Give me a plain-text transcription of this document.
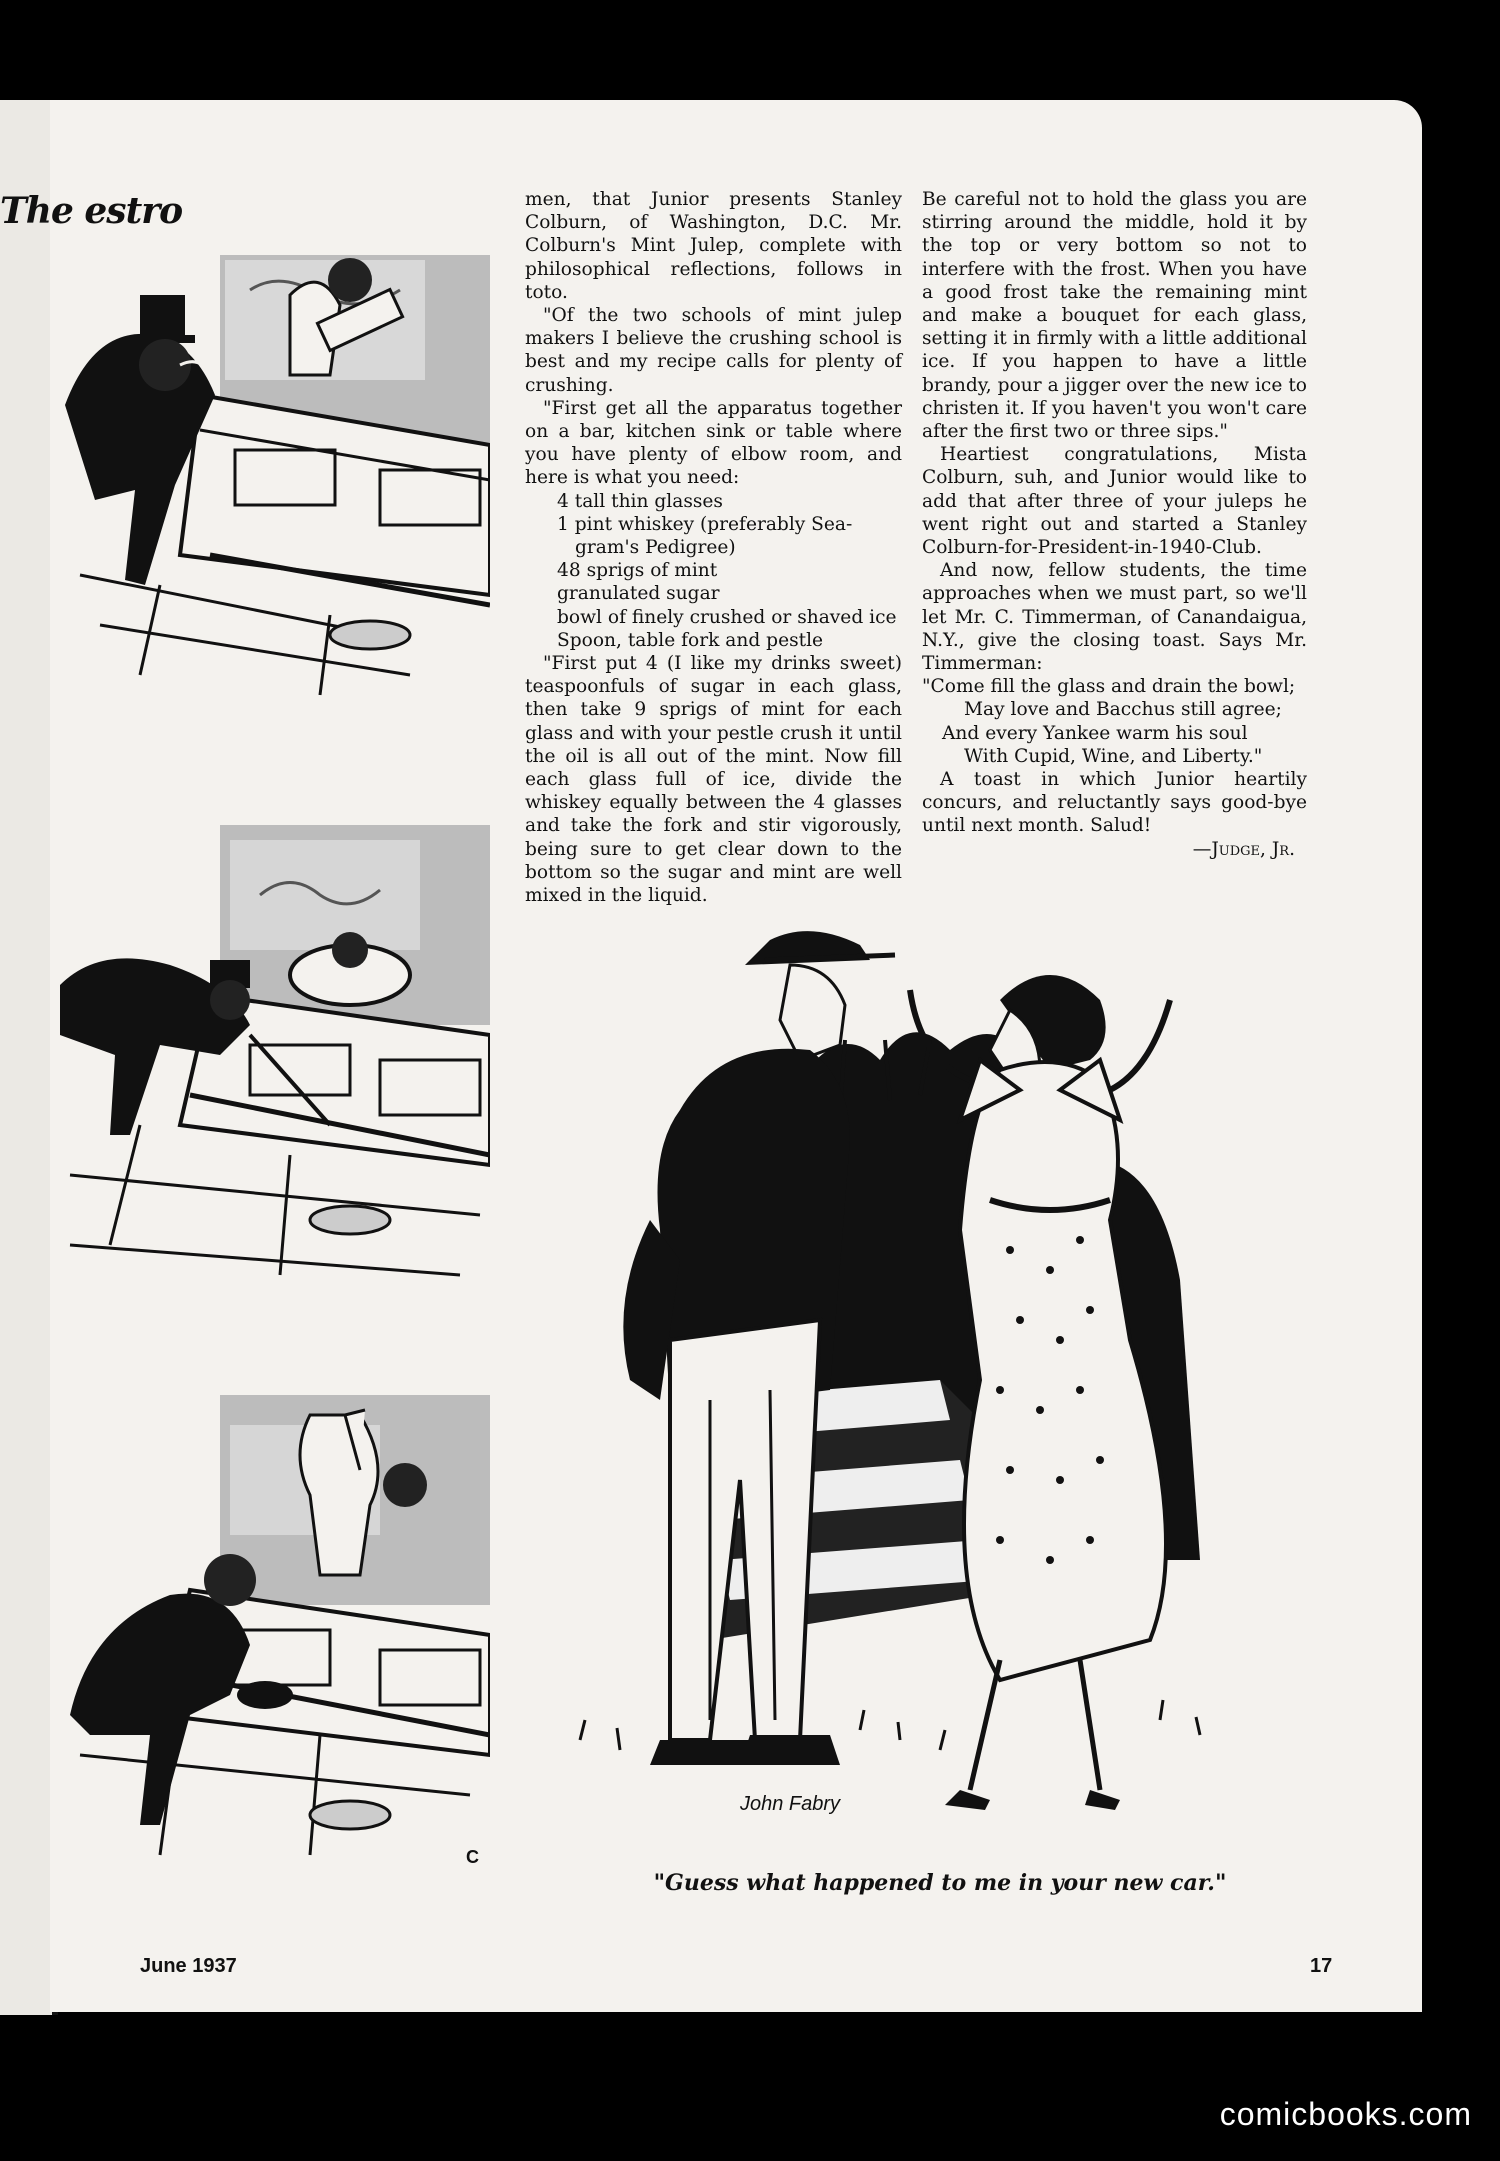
The estro
C

men, that Junior presents Stanley Colburn, of Washington, D.C. Mr. Colburn's Mint Julep, complete with philosophical reflections, follows in toto.

"Of the two schools of mint julep makers I believe the crushing school is best and my recipe calls for plenty of crushing.

"First get all the apparatus together on a bar, kitchen sink or table where you have plenty of elbow room, and here is what you need:

4 tall thin glasses
1 pint whiskey (preferably Sea-
gram's Pedigree)
48 sprigs of mint
granulated sugar
bowl of finely crushed or shaved ice
Spoon, table fork and pestle

"First put 4 (I like my drinks sweet) teaspoonfuls of sugar in each glass, then take 9 sprigs of mint for each glass and with your pestle crush it until the oil is all out of the mint. Now fill each glass full of ice, divide the whiskey equally between the 4 glasses and take the fork and stir vigorously, being sure to get clear down to the bottom so the sugar and mint are well mixed in the liquid.

Be careful not to hold the glass you are stirring around the middle, hold it by the top or very bottom so not to interfere with the frost. When you have a good frost take the remaining mint and make a bouquet for each glass, setting it in firmly with a little additional ice. If you happen to have a little brandy, pour a jigger over the new ice to christen it. If you haven't you won't care after the first two or three sips."

Heartiest congratulations, Mista Colburn, suh, and Junior would like to add that after three of your juleps he went right out and started a Stanley Colburn-for-President-in-1940-Club.

And now, fellow students, the time approaches when we must part, so we'll let Mr. C. Timmerman, of Canandaigua, N.Y., give the closing toast. Says Mr. Timmerman:

"Come fill the glass and drain the bowl;
May love and Bacchus still agree;
And every Yankee warm his soul
With Cupid, Wine, and Liberty."

A toast in which Junior heartily concurs, and reluctantly says good-bye until next month. Salud!

—Judge, Jr.
John Fabry
"Guess what happened to me in your new car."
June 1937	17
comicbooks.com
